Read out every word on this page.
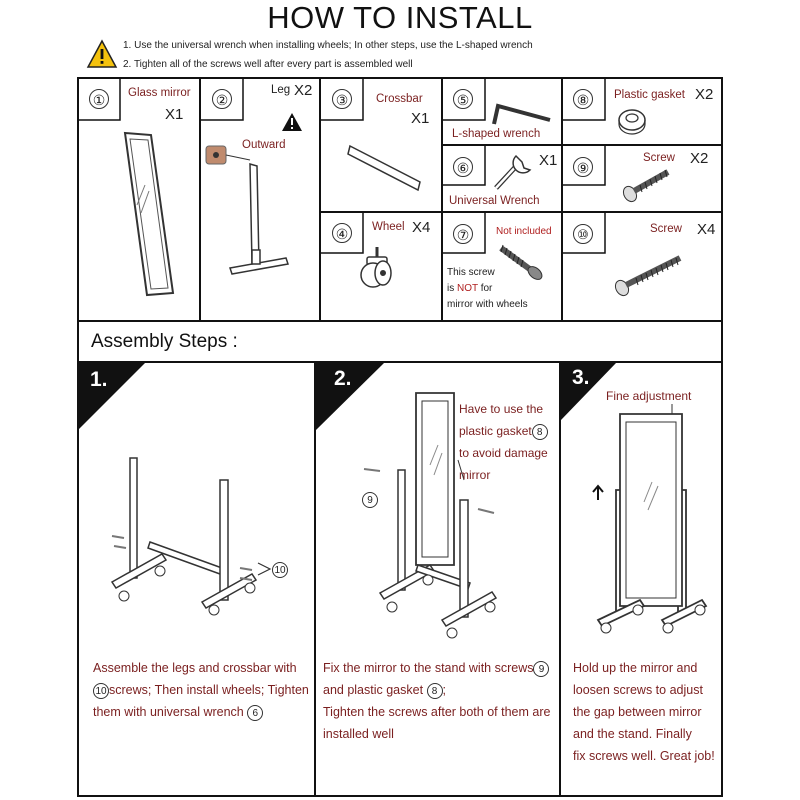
HOW TO INSTALL
1. Use the universal wrench when installing wheels; In other steps, use the L-shaped wrench
2. Tighten all of the screws well after every part is assembled well
①	Glass mirror
X1
②
Leg X2
Outward
③	Crossbar
X1
④	Wheel X4
⑤
L-shaped wrench
⑥	X1
Universal Wrench
⑦	Not included
This screw
is NOT for
mirror with wheels
⑧	Plastic gasket X2
⑨
Screw X2
⑩	Screw X4
Assembly Steps :
1.	2.	3.
10
9
Have to use the
plastic gasket 8
to avoid damage
mirror
Fine adjustment
Assemble the legs and crossbar with
10 screws; Then install wheels; Tighten
them with universal wrench 6
Fix the mirror to the stand with screws 9
and plastic gasket 8 ;
Tighten the screws after both of them are
installed well
Hold up the mirror and
loosen screws to adjust
the gap between mirror
and the stand. Finally
fix screws well. Great job!
